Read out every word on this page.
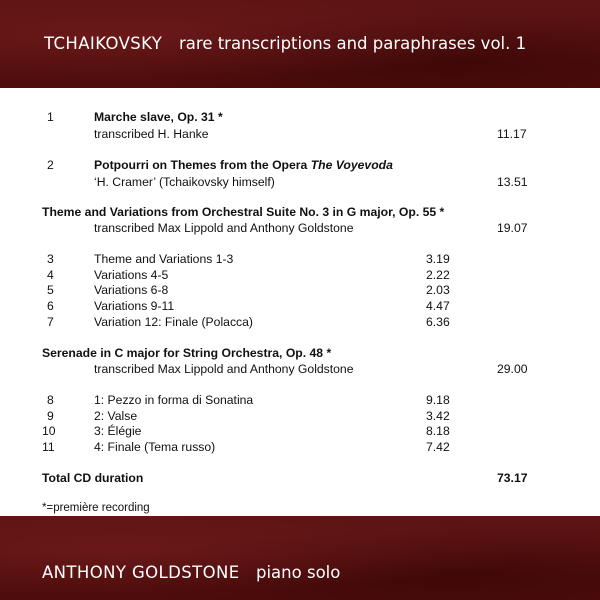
TCHAIKOVSKY rare transcriptions and paraphrases vol. 1
1	Marche slave, Op. 31 *
transcribed H. Hanke	11.17
2	Potpourri on Themes from the Opera The Voyevoda
‘H. Cramer’ (Tchaikovsky himself)	13.51
Theme and Variations from Orchestral Suite No. 3 in G major, Op. 55 *
transcribed Max Lippold and Anthony Goldstone	19.07
3	Theme and Variations 1-3	3.19
4	Variations 4-5	2.22
5	Variations 6-8	2.03
6	Variations 9-11	4.47
7	Variation 12: Finale (Polacca)	6.36
Serenade in C major for String Orchestra, Op. 48 *
transcribed Max Lippold and Anthony Goldstone	29.00
8	1: Pezzo in forma di Sonatina	9.18
9	2: Valse	3.42
10	3: Élégie	8.18
11	4: Finale (Tema russo)	7.42
Total CD duration	73.17
*=première recording
ANTHONY GOLDSTONE piano solo
